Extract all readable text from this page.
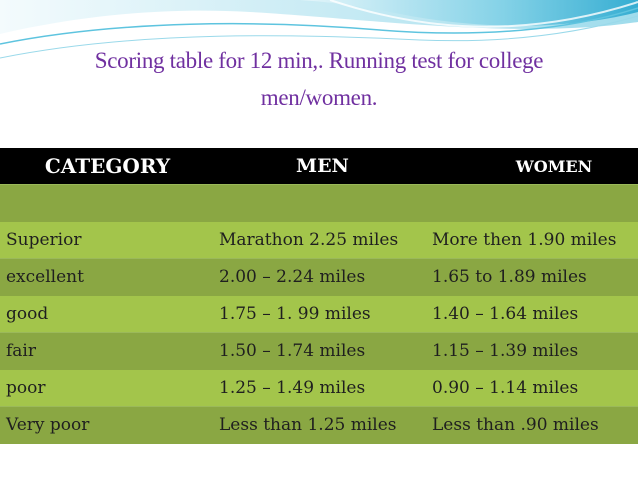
Scoring table for 12 min,. Running test for college
men/women.
CATEGORY	MEN	WOMEN
Superior	Marathon 2.25 miles	More then 1.90 miles
excellent	2.00 – 2.24 miles	1.65 to 1.89 miles
good	1.75 – 1. 99 miles	1.40 – 1.64 miles
fair	1.50 – 1.74 miles	1.15 – 1.39 miles
poor	1.25 – 1.49 miles	0.90 – 1.14 miles
Very poor	Less than 1.25 miles	Less than .90 miles
